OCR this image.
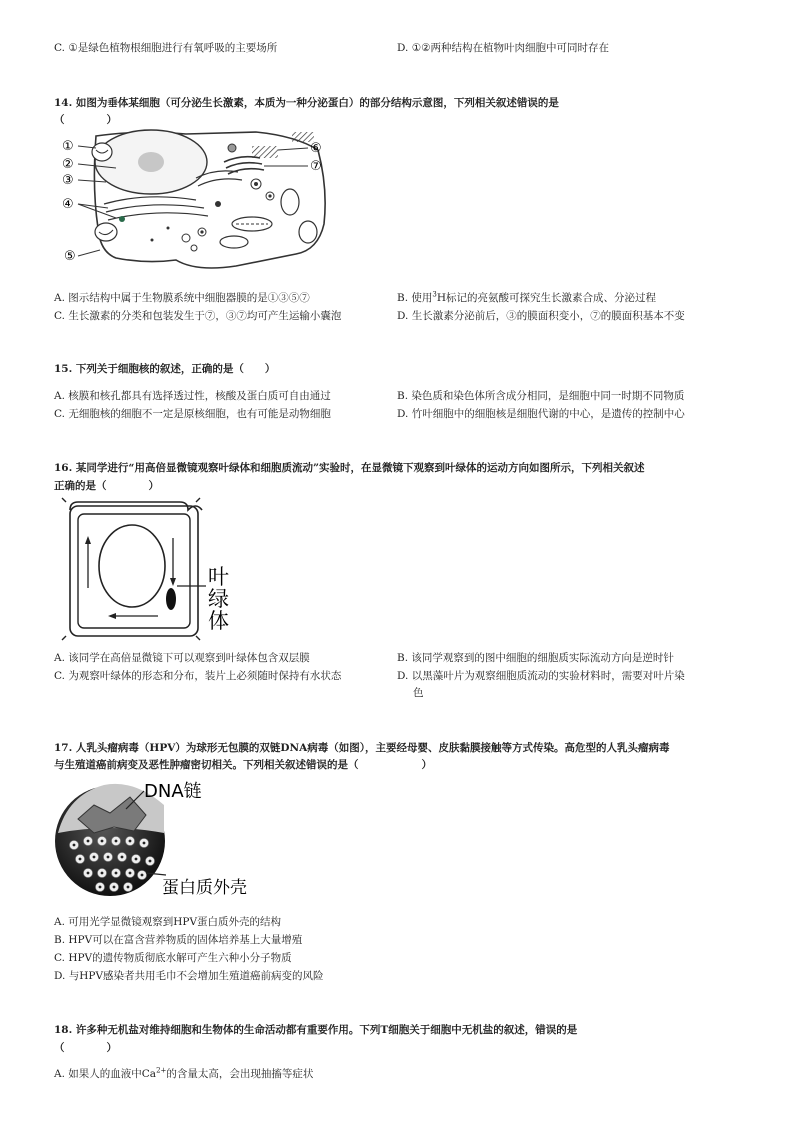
C. ①是绿色植物根细胞进行有氧呼吸的主要场所	D. ①②两种结构在植物叶肉细胞中可同时存在
14. 如图为垂体某细胞（可分泌生长激素，本质为一种分泌蛋白）的部分结构示意图，下列相关叙述错误的是
（　　　　）
①
②
③
④
⑤
⑥
⑦
A. 图示结构中属于生物膜系统中细胞器膜的是①③⑤⑦	B. 使用$^3$H标记的亮氨酸可探究生长激素合成、分泌过程
C. 生长激素的分类和包装发生于⑦，③⑦均可产生运输小囊泡	D. 生长激素分泌前后，③的膜面积变小，⑦的膜面积基本不变
15. 下列关于细胞核的叙述，正确的是（　　）
A. 核膜和核孔都具有选择透过性，核酸及蛋白质可自由通过	B. 染色质和染色体所含成分相同，是细胞中同一时期不同物质
C. 无细胞核的细胞不一定是原核细胞，也有可能是动物细胞	D. 竹叶细胞中的细胞核是细胞代谢的中心，是遗传的控制中心
16. 某同学进行“用高倍显微镜观察叶绿体和细胞质流动”实验时，在显微镜下观察到叶绿体的运动方向如图所示，下列相关叙述
正确的是（　　　　）
叶
绿
体
A. 该同学在高倍显微镜下可以观察到叶绿体包含双层膜	B. 该同学观察到的图中细胞的细胞质实际流动方向是逆时针
C. 为观察叶绿体的形态和分布，装片上必须随时保持有水状态	D. 以黑藻叶片为观察细胞质流动的实验材料时，需要对叶片染
色
17. 人乳头瘤病毒（HPV）为球形无包膜的双链DNA病毒（如图），主要经母婴、皮肤黏膜接触等方式传染。高危型的人乳头瘤病毒
与生殖道癌前病变及恶性肿瘤密切相关。下列相关叙述错误的是（　　　　　　）
DNA链
蛋白质外壳
A. 可用光学显微镜观察到HPV蛋白质外壳的结构
B. HPV可以在富含营养物质的固体培养基上大量增殖
C. HPV的遗传物质彻底水解可产生六种小分子物质
D. 与HPV感染者共用毛巾不会增加生殖道癌前病变的风险
18. 许多种无机盐对维持细胞和生物体的生命活动都有重要作用。下列T细胞关于细胞中无机盐的叙述，错误的是
（　　　　）
A. 如果人的血液中$Ca^{2+}$的含量太高，会出现抽搐等症状
